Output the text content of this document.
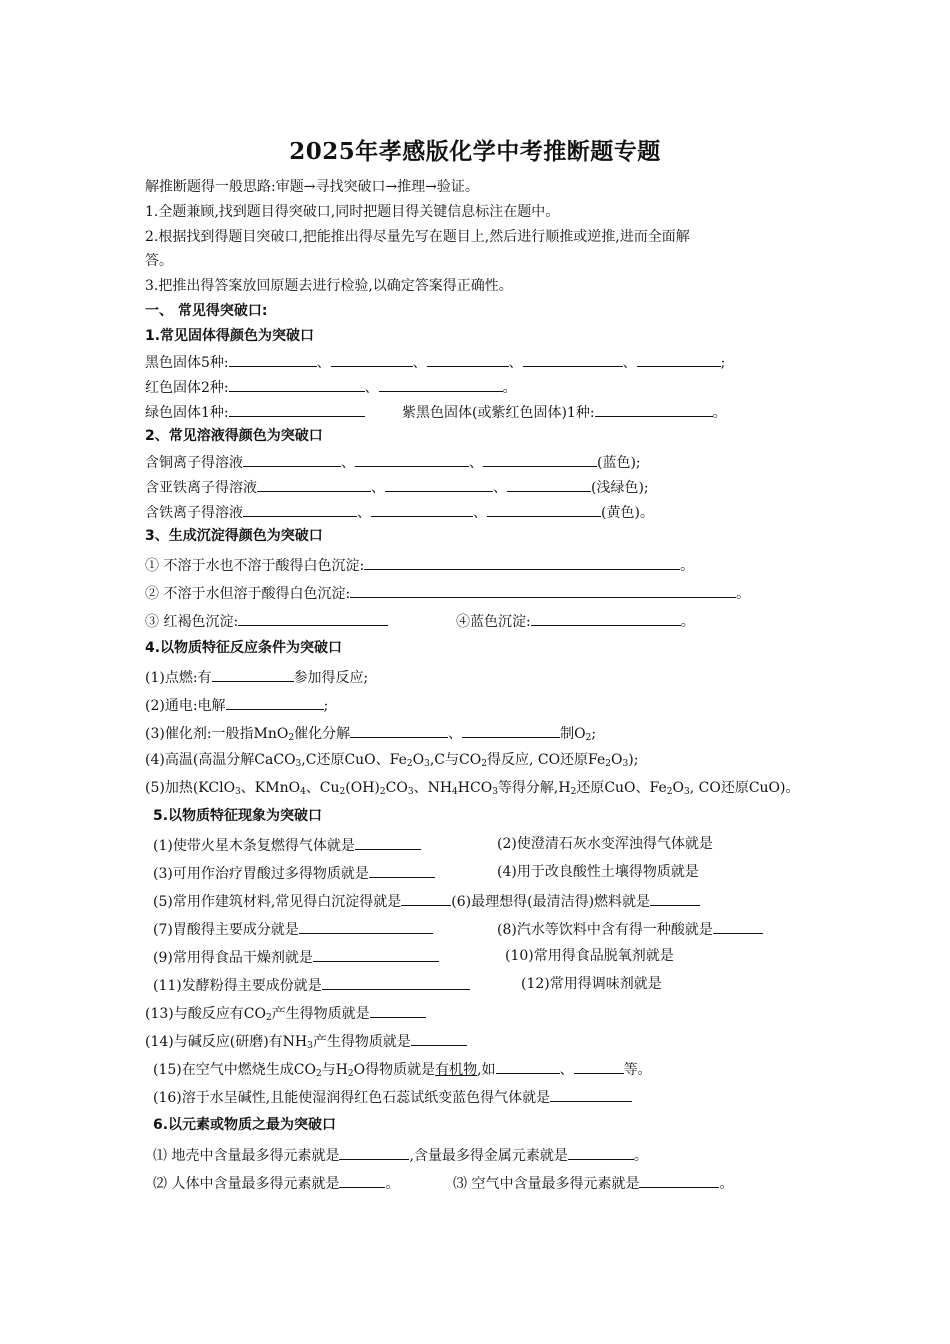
2025年孝感版化学中考推断题专题
解推断题得一般思路:审题→寻找突破口→推理→验证。
1.全题兼顾,找到题目得突破口,同时把题目得关键信息标注在题中。
2.根据找到得题目突破口,把能推出得尽量先写在题目上,然后进行顺推或逆推,进而全面解
答。
3.把推出得答案放回原题去进行检验,以确定答案得正确性。
一、 常见得突破口:
1.常见固体得颜色为突破口
黑色固体5种:	、	、	、	、	;
红色固体2种:	、	。
绿色固体1种:	紫黑色固体(或紫红色固体)1种:	。
2、常见溶液得颜色为突破口
含铜离子得溶液	、	、	(蓝色);
含亚铁离子得溶液	、	、	(浅绿色);
含铁离子得溶液	、	、	(黄色)。
3、生成沉淀得颜色为突破口
① 不溶于水也不溶于酸得白色沉淀:	。
② 不溶于水但溶于酸得白色沉淀:	。
③ 红褐色沉淀:	④蓝色沉淀:	。
4.以物质特征反应条件为突破口
(1)点燃:有	参加得反应;
(2)通电:电解	;
(3)催化剂:一般指MnO$_2$催化分解	、	制$O_2$;
(4)高温(高温分解CaCO$_3$,C还原CuO、$Fe_2O_3,C$与$CO_2$得反应, CO还原$Fe_2O_3$);
(5)加热(KClO$_3$、KMnO$_4$、$Cu_2(OH)_2CO_3$、$NH_4HCO_3$等得分解$,H_2$还原CuO、$Fe_2O_3$, CO还原CuO)。
5.以物质特征现象为突破口
(1)使带火星木条复燃得气体就是	(2)使澄清石灰水变浑浊得气体就是
(3)可用作治疗胃酸过多得物质就是	(4)用于改良酸性土壤得物质就是
(5)常用作建筑材料,常见得白沉淀得就是	(6)最理想得(最清洁得)燃料就是
(7)胃酸得主要成分就是	(8)汽水等饮料中含有得一种酸就是
(9)常用得食品干燥剂就是	(10)常用得食品脱氧剂就是
(11)发酵粉得主要成份就是	(12)常用得调味剂就是
(13)与酸反应有$CO_2$产生得物质就是
(14)与碱反应(研磨)有$NH_3$产生得物质就是
(15)在空气中燃烧生成$CO_2$与$H_2O$得物质就是有机物,如	、	等。
(16)溶于水呈碱性,且能使湿润得红色石蕊试纸变蓝色得气体就是
6.以元素或物质之最为突破口
⑴ 地壳中含量最多得元素就是	,含量最多得金属元素就是	。
⑵ 人体中含量最多得元素就是	。	⑶ 空气中含量最多得元素就是	。
